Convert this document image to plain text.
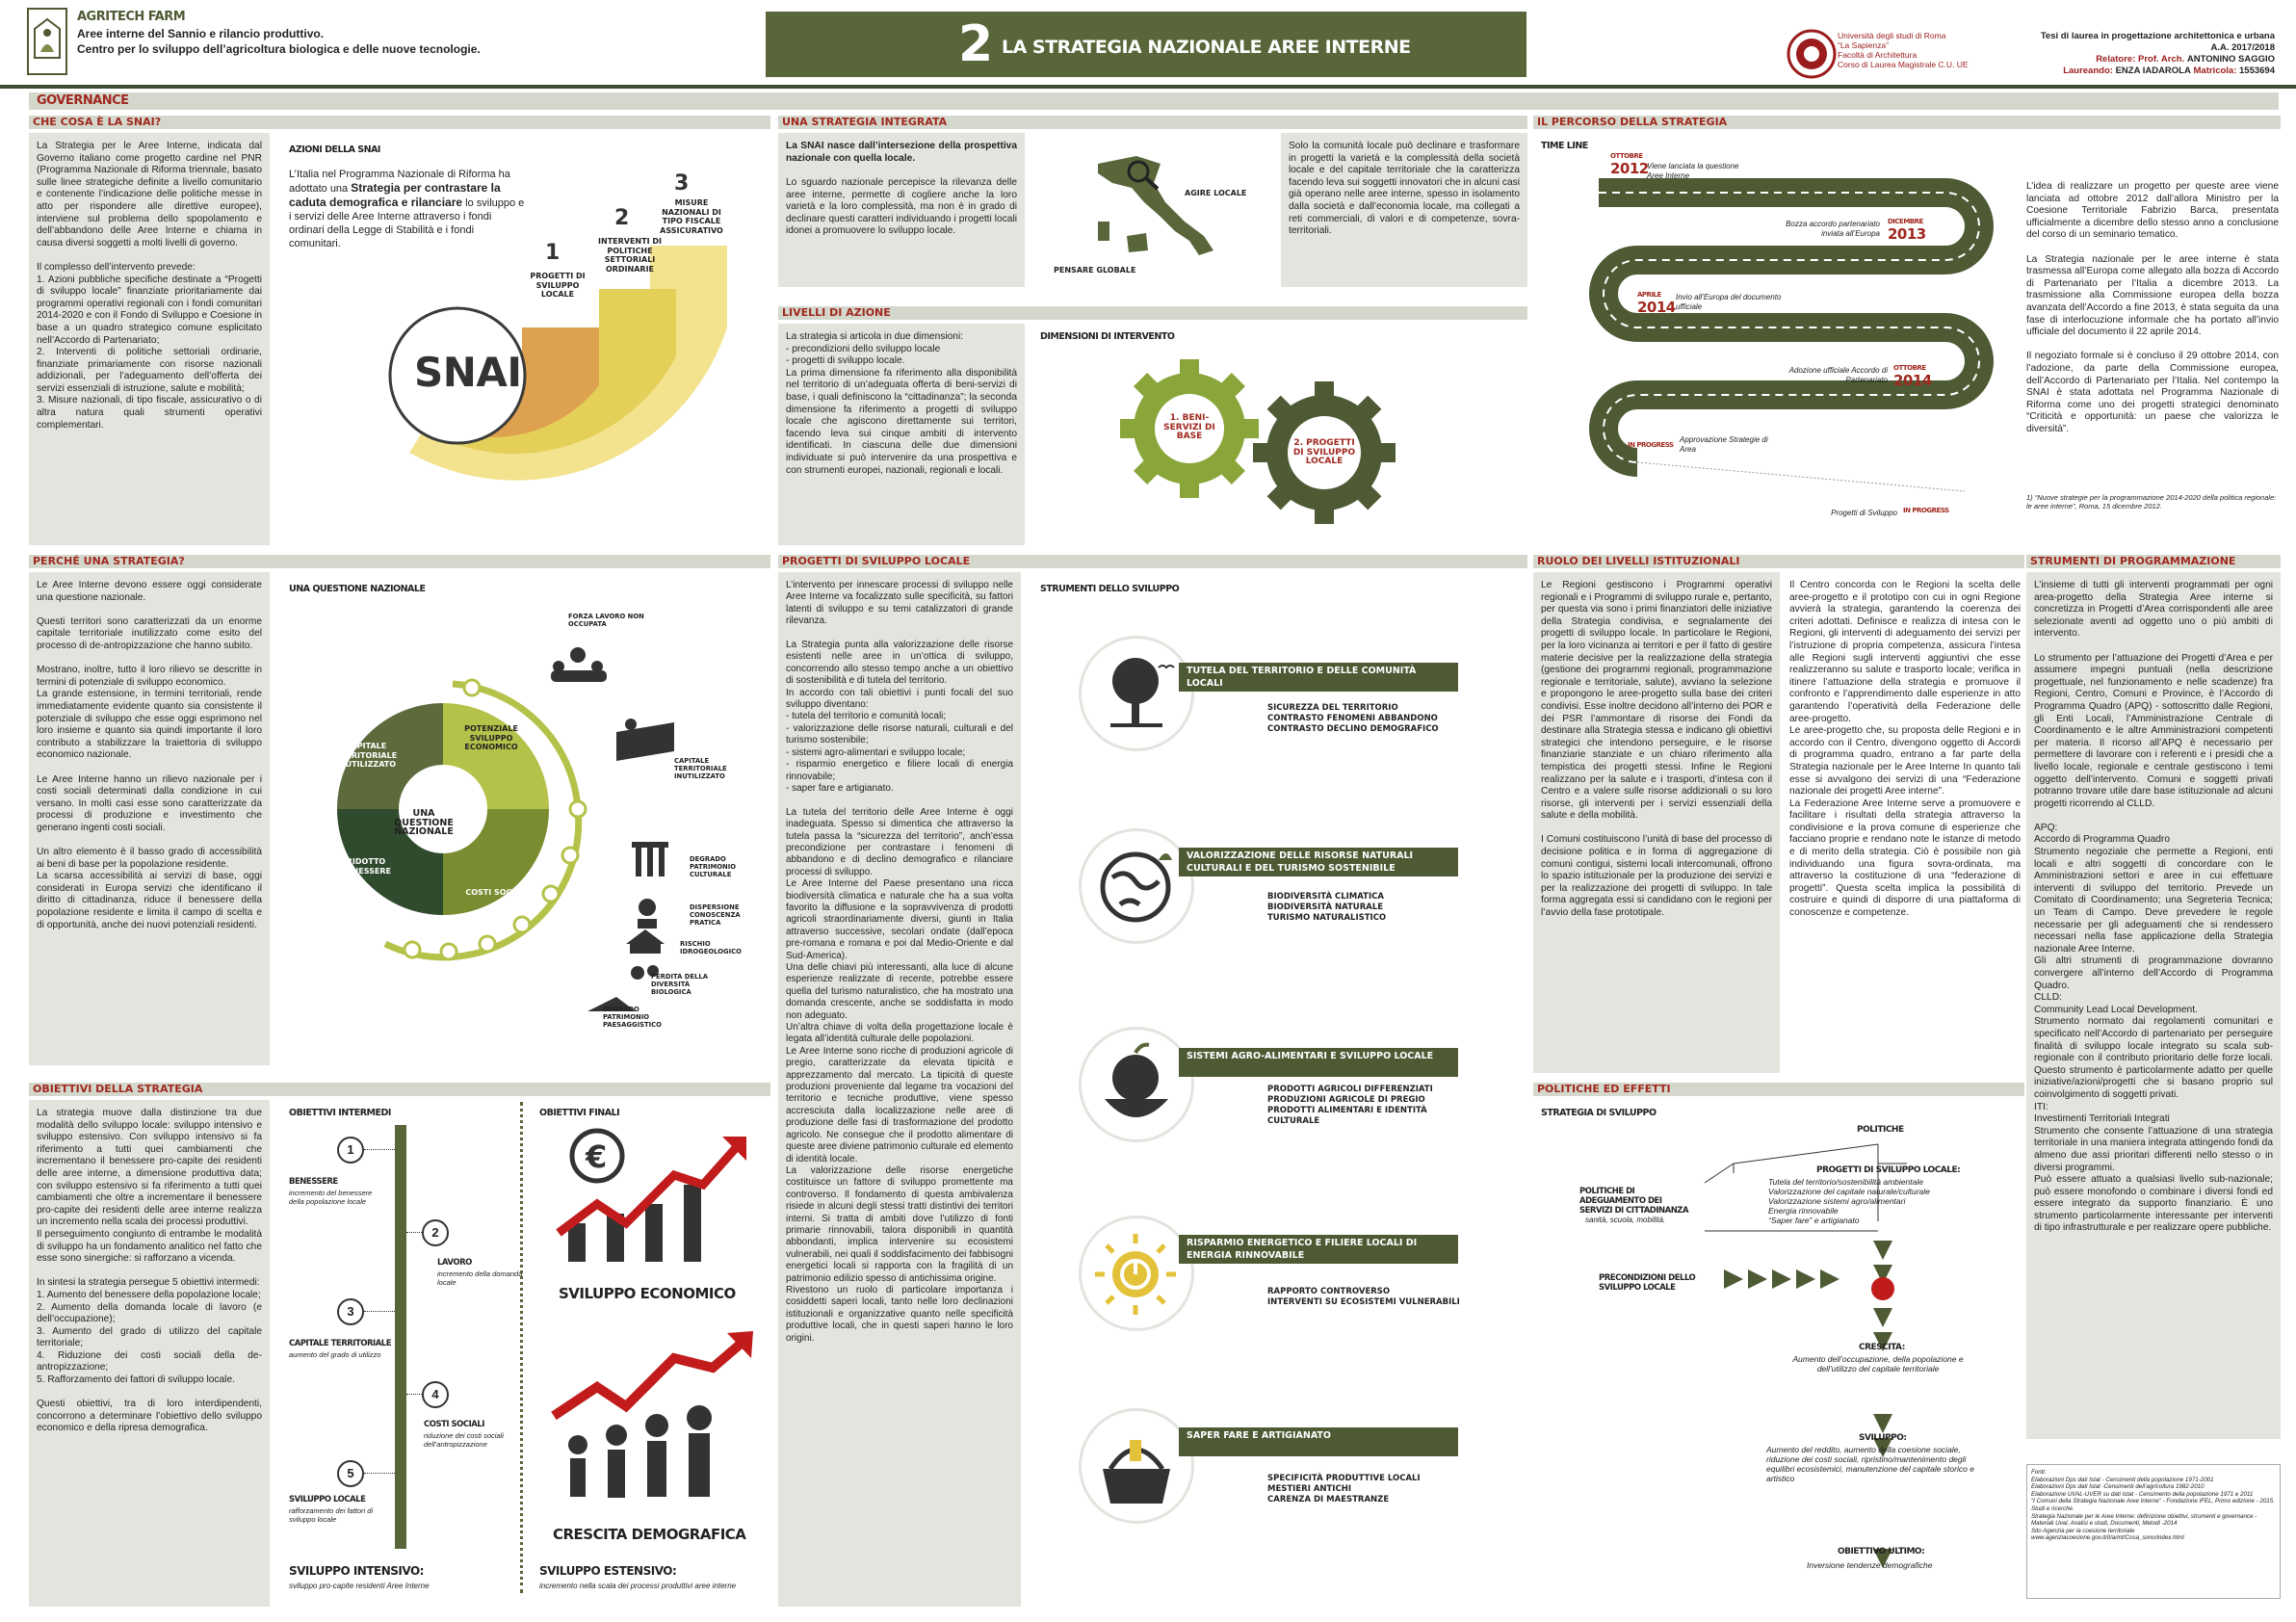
AGRITECH FARM
Aree interne del Sannio e rilancio produttivo.
Centro per lo sviluppo dell’agricoltura biologica e delle nuove tecnologie.	2 LA STRATEGIA NAZIONALE AREE INTERNE
Università degli studi di Roma
“La Sapienza”
Facoltà di Architettura
Corso di Laurea Magistrale C.U. UE
Tesi di laurea in progettazione architettonica e urbana
A.A. 2017/2018
Relatore: Prof. Arch. ANTONINO SAGGIO
Laureando: ENZA IADAROLA Matricola: 1553694
GOVERNANCE
CHE COSA È LA SNAI?	UNA STRATEGIA INTEGRATA	IL PERCORSO DELLA STRATEGIA
La Strategia per le Aree Interne, indicata dal Governo italiano come progetto cardine nel PNR (Programma Nazionale di Riforma triennale, basato sulle linee strategiche definite a livello comunitario e contenente l’indicazione delle politiche messe in atto per rispondere alle direttive europee), interviene sul problema dello spopolamento e dell’abbandono delle Aree Interne e chiama in causa diversi soggetti a molti livelli di governo.

Il complesso dell’intervento prevede:
1. Azioni pubbliche specifiche destinate a “Progetti di sviluppo locale” finanziate prioritariamente dai programmi operativi regionali con i fondi comunitari 2014-2020 e con il Fondo di Sviluppo e Coesione in base a un quadro strategico comune esplicitato nell’Accordo di Partenariato;
2. Interventi di politiche settoriali ordinarie, finanziate primariamente con risorse nazionali addizionali, per l’adeguamento dell’offerta dei servizi essenziali di istruzione, salute e mobilità;
3. Misure nazionali, di tipo fiscale, assicurativo o di altra natura quali strumenti operativi complementari.
AZIONI DELLA SNAI
L’Italia nel Programma Nazionale di Riforma ha adottato una Strategia per contrastare la caduta demografica e rilanciare lo sviluppo e i servizi delle Aree Interne attraverso i fondi ordinari della Legge di Stabilità e i fondi comunitari.
SNAI
1
2
3
PROGETTI DI SVILUPPO LOCALE
INTERVENTI DI POLITICHE SETTORIALI ORDINARIE
MISURE NAZIONALI DI TIPO FISCALE ASSICURATIVO
La SNAI nasce dall’intersezione della prospettiva nazionale con quella locale.
Lo sguardo nazionale percepisce la rilevanza delle aree interne, permette di cogliere anche la loro varietà e la loro complessità, ma non è in grado di declinare questi caratteri individuando i progetti locali idonei a promuovere lo sviluppo locale.
AGIRE LOCALE
PENSARE GLOBALE
Solo la comunità locale può declinare e trasformare in progetti la varietà e la complessità della società locale e del capitale territoriale che la caratterizza facendo leva sui soggetti innovatori che in alcuni casi già operano nelle aree interne, spesso in isolamento dalla società e dall’economia locale, ma collegati a reti commerciali, di valori e di competenze, sovra-territoriali.
LIVELLI DI AZIONE
La strategia si articola in due dimensioni:
- precondizioni dello sviluppo locale
- progetti di sviluppo locale.
La prima dimensione fa riferimento alla disponibilità nel territorio di un’adeguata offerta di beni-servizi di base, i quali definiscono la “cittadinanza”; la seconda dimensione fa riferimento a progetti di sviluppo locale che agiscono direttamente sui territori, facendo leva sui cinque ambiti di intervento identificati. In ciascuna delle due dimensioni individuate si può intervenire da una prospettiva e con strumenti europei, nazionali, regionali e locali.
DIMENSIONI DI INTERVENTO
1. BENI-SERVIZI DI BASE
2. PROGETTI DI SVILUPPO LOCALE
TIME LINE
OTTOBRE
2012
Viene lanciata la questione Aree Interne
DICEMBRE
2013
Bozza accordo partenariato inviata all’Europa
APRILE
2014
Invio all’Europa del documento ufficiale
OTTOBRE
2014
Adozione ufficiale Accordo di Partenariato
IN PROGRESS
Approvazione Strategie di Area
IN PROGRESS
Progetti di Sviluppo
L’idea di realizzare un progetto per queste aree viene lanciata ad ottobre 2012 dall’allora Ministro per la Coesione Territoriale Fabrizio Barca, presentata ufficialmente a dicembre dello stesso anno a conclusione del corso di un seminario tematico.

La Strategia nazionale per le aree interne è stata trasmessa all’Europa come allegato alla bozza di Accordo di Partenariato per l’Italia a dicembre 2013. La trasmissione alla Commissione europea della bozza avanzata dell’Accordo a fine 2013, è stata seguita da una fase di interlocuzione informale che ha portato all’invio ufficiale del documento il 22 aprile 2014.

Il negoziato formale si è concluso il 29 ottobre 2014, con l’adozione, da parte della Commissione europea, dell’Accordo di Partenariato per l’Italia. Nel contempo la SNAI è stata adottata nel Programma Nazionale di Riforma come uno dei progetti strategici denominato “Criticità e opportunità: un paese che valorizza le diversità”.
1) “Nuove strategie per la programmazione 2014-2020 della politica regionale: le aree interne”, Roma, 15 dicembre 2012.
PERCHÉ UNA STRATEGIA?	PROGETTI DI SVILUPPO LOCALE	RUOLO DEI LIVELLI ISTITUZIONALI	STRUMENTI DI PROGRAMMAZIONE
Le Aree Interne devono essere oggi considerate una questione nazionale.

Questi territori sono caratterizzati da un enorme capitale territoriale inutilizzato come esito del processo di de-antropizzazione che hanno subito.

Mostrano, inoltre, tutto il loro rilievo se descritte in termini di potenziale di sviluppo economico.
La grande estensione, in termini territoriali, rende immediatamente evidente quanto sia consistente il potenziale di sviluppo che esse oggi esprimono nel loro insieme e quanto sia quindi importante il loro contributo a stabilizzare la traiettoria di sviluppo economico nazionale.

Le Aree Interne hanno un rilievo nazionale per i costi sociali determinati dalla condizione in cui versano. In molti casi esse sono caratterizzate da processi di produzione e investimento che generano ingenti costi sociali.

Un altro elemento è il basso grado di accessibilità ai beni di base per la popolazione residente.
La scarsa accessibilità ai servizi di base, oggi considerati in Europa servizi che identificano il diritto di cittadinanza, riduce il benessere della popolazione residente e limita il campo di scelta e di opportunità, anche dei nuovi potenziali residenti.
UNA QUESTIONE NAZIONALE
CAPITALE TERRITORIALE INUTILIZZATO
POTENZIALE SVILUPPO ECONOMICO
UNA QUESTIONE NAZIONALE
RIDOTTO BENESSERE
COSTI SOCIALI
FORZA LAVORO NON OCCUPATA
CAPITALE TERRITORIALE INUTILIZZATO
DEGRADO PATRIMONIO CULTURALE
DISPERSIONE CONOSCENZA PRATICA
RISCHIO IDROGEOLOGICO
PERDITA DELLA DIVERSITÀ BIOLOGICA
DEGRADO PATRIMONIO PAESAGGISTICO
L’intervento per innescare processi di sviluppo nelle Aree Interne va focalizzato sulle specificità, su fattori latenti di sviluppo e su temi catalizzatori di grande rilevanza.

La Strategia punta alla valorizzazione delle risorse esistenti nelle aree in un’ottica di sviluppo, concorrendo allo stesso tempo anche a un obiettivo di sostenibilità e di tutela del territorio.
In accordo con tali obiettivi i punti focali del suo sviluppo diventano:
- tutela del territorio e comunità locali;
- valorizzazione delle risorse naturali, culturali e del turismo sostenibile;
- sistemi agro-alimentari e sviluppo locale;
- risparmio energetico e filiere locali di energia rinnovabile;
- saper fare e artigianato.

La tutela del territorio delle Aree Interne è oggi inadeguata. Spesso si dimentica che attraverso la tutela passa la “sicurezza del territorio”, anch’essa precondizione per contrastare i fenomeni di abbandono e di declino demografico e rilanciare processi di sviluppo.
Le Aree Interne del Paese presentano una ricca biodiversità climatica e naturale che ha a sua volta favorito la diffusione e la sopravvivenza di prodotti agricoli straordinariamente diversi, giunti in Italia attraverso successive, secolari ondate (dall’epoca pre-romana e romana e poi dal Medio-Oriente e dal Sud-America).
Una delle chiavi più interessanti, alla luce di alcune esperienze realizzate di recente, potrebbe essere quella del turismo naturalistico, che ha mostrato una domanda crescente, anche se soddisfatta in modo non adeguato.
Un’altra chiave di volta della progettazione locale è legata all’identità culturale delle popolazioni.
Le Aree Interne sono ricche di produzioni agricole di pregio, caratterizzate da elevata tipicità e apprezzamento dal mercato. La tipicità di queste produzioni proveniente dal legame tra vocazioni del territorio e tecniche produttive, viene spesso accresciuta dalla localizzazione nelle aree di produzione delle fasi di trasformazione del prodotto agricolo. Ne consegue che il prodotto alimentare di queste aree diviene patrimonio culturale ed elemento di identità locale.
La valorizzazione delle risorse energetiche costituisce un fattore di sviluppo promettente ma controverso. Il fondamento di questa ambivalenza risiede in alcuni degli stessi tratti distintivi dei territori interni. Si tratta di ambiti dove l’utilizzo di fonti primarie rinnovabili, talora disponibili in quantità abbondanti, implica intervenire su ecosistemi vulnerabili, nei quali il soddisfacimento dei fabbisogni energetici locali si rapporta con la fragilità di un patrimonio edilizio spesso di antichissima origine.
Rivestono un ruolo di particolare importanza i cosiddetti saperi locali, tanto nelle loro declinazioni istituzionali e organizzative quanto nelle specificità produttive locali, che in questi saperi hanno le loro origini.
STRUMENTI DELLO SVILUPPO
TUTELA DEL TERRITORIO E DELLE COMUNITÀ LOCALI
SICUREZZA DEL TERRITORIO
CONTRASTO FENOMENI ABBANDONO
CONTRASTO DECLINO DEMOGRAFICO
VALORIZZAZIONE DELLE RISORSE NATURALI CULTURALI E DEL TURISMO SOSTENIBILE
BIODIVERSITÀ CLIMATICA
BIODIVERSITÀ NATURALE
TURISMO NATURALISTICO
SISTEMI AGRO-ALIMENTARI E SVILUPPO LOCALE
PRODOTTI AGRICOLI DIFFERENZIATI
PRODUZIONI AGRICOLE DI PREGIO
PRODOTTI ALIMENTARI E IDENTITÀ CULTURALE
RISPARMIO ENERGETICO E FILIERE LOCALI DI ENERGIA RINNOVABILE
RAPPORTO CONTROVERSO
INTERVENTI SU ECOSISTEMI VULNERABILI
SAPER FARE E ARTIGIANATO
SPECIFICITÀ PRODUTTIVE LOCALI
MESTIERI ANTICHI
CARENZA DI MAESTRANZE
Le Regioni gestiscono i Programmi operativi regionali e i Programmi di sviluppo rurale e, pertanto, per questa via sono i primi finanziatori delle iniziative della Strategia condivisa, e segnalamente dei progetti di sviluppo locale. In particolare le Regioni, per la loro vicinanza ai territori e per il fatto di gestire materie decisive per la realizzazione della strategia (gestione dei programmi regionali, programmazione regionale e territoriale, salute), avviano la selezione e propongono le aree-progetto sulla base dei criteri condivisi. Esse inoltre decidono all’interno dei POR e dei PSR l’ammontare di risorse dei Fondi da destinare alla Strategia stessa e indicano gli obiettivi strategici che intendono perseguire, e le risorse finanziarie stanziate e un chiaro riferimento alla tempistica dei progetti stessi. Infine le Regioni realizzano per la salute e i trasporti, d’intesa con il Centro e a valere sulle risorse addizionali o su loro risorse, gli interventi per i servizi essenziali della salute e della mobilità.

I Comuni costituiscono l’unità di base del processo di decisione politica e in forma di aggregazione di comuni contigui, sistemi locali intercomunali, offrono lo spazio istituzionale per la produzione dei servizi e per la realizzazione dei progetti di sviluppo. In tale forma aggregata essi si candidano con le regioni per l’avvio della fase prototipale.
Il Centro concorda con le Regioni la scelta delle aree-progetto e il prototipo con cui in ogni Regione avvierà la strategia, garantendo la coerenza dei criteri adottati. Definisce e realizza di intesa con le Regioni, gli interventi di adeguamento dei servizi per l’istruzione di propria competenza, assicura l’intesa alle Regioni sugli interventi aggiuntivi che esse realizzeranno su salute e trasporto locale; verifica in itinere l’attuazione della strategia e promuove il confronto e l’apprendimento dalle esperienze in atto garantendo l’operatività della Federazione delle aree-progetto.
Le aree-progetto che, su proposta delle Regioni e in accordo con il Centro, divengono oggetto di Accordi di programma quadro, entrano a far parte della Strategia nazionale per le Aree Interne In quanto tali esse si avvalgono dei servizi di una “Federazione nazionale dei progetti Aree interne”.
La Federazione Aree Interne serve a promuovere e facilitare i risultati della strategia attraverso la condivisione e la prova comune di esperienze che facciano proprie e rendano note le istanze di metodo e di merito della strategia. Ciò è possibile non già individuando una figura sovra-ordinata, ma attraverso la costituzione di una “federazione di progetti”. Questa scelta implica la possibilità di costruire e quindi di disporre di una piattaforma di conoscenze e competenze.
L’insieme di tutti gli interventi programmati per ogni area-progetto della Strategia Aree interne si concretizza in Progetti d’Area corrispondenti alle aree selezionate aventi ad oggetto uno o più ambiti di intervento.

Lo strumento per l’attuazione dei Progetti d’Area e per assumere impegni puntuali (nella descrizione progettuale, nel funzionamento e nelle scadenze) fra Regioni, Centro, Comuni e Province, è l’Accordo di Programma Quadro (APQ) - sottoscritto dalle Regioni, gli Enti Locali, l’Amministrazione Centrale di Coordinamento e le altre Amministrazioni competenti per materia. Il ricorso all’APQ è necessario per permettere di lavorare con i referenti e i presidi che a livello locale, regionale e centrale gestiscono i temi oggetto dell’intervento. Comuni e soggetti privati potranno trovare utile dare base istituzionale ad alcuni progetti ricorrendo al CLLD.

APQ:
Accordo di Programma Quadro
Strumento negoziale che permette a Regioni, enti locali e altri soggetti di concordare con le Amministrazioni settori e aree in cui effettuare interventi di sviluppo del territorio. Prevede un Comitato di Coordinamento; una Segreteria Tecnica; un Team di Campo. Deve prevedere le regole necessarie per gli adeguamenti che si rendessero necessari nella fase applicazione della Strategia nazionale Aree Interne.
Gli altri strumenti di programmazione dovranno convergere all’interno dell’Accordo di Programma Quadro.
CLLD:
Community Lead Local Development.
Strumento normato dai regolamenti comunitari e specificato nell’Accordo di partenariato per perseguire finalità di sviluppo locale integrato su scala sub-regionale con il contributo prioritario delle forze locali. Questo strumento è particolarmente adatto per quelle iniziative/azioni/progetti che si basano proprio sul coinvolgimento di soggetti privati.
ITI:
Investimenti Territoriali Integrati
Strumento che consente l’attuazione di una strategia territoriale in una maniera integrata attingendo fondi da almeno due assi prioritari differenti nello stesso o in diversi programmi.
Può essere attuato a qualsiasi livello sub-nazionale; può essere monofondo o combinare i diversi fondi ed essere integrato da supporto finanziario. È uno strumento particolarmente interessante per interventi di tipo infrastrutturale e per realizzare opere pubbliche.
Fonti:
Elaborazioni Dps dati Istat - Censimenti della popolazione 1971-2001
Elaborazioni Dps dati Istat -Censimenti dell’agricoltura 1982-2010
Elaborazione UVAL-UVER su dati Istat - Censimento della popolazione 1971 e 2011
“I Comuni della Strategia Nazionale Aree Interne” - Fondazione IFEL, Primo edizione - 2015. Studi e ricerche.
Strategia Nazionale per le Aree Interne: definizione obiettivi, strumenti e governance - Materiali Uval, Analisi e studi, Documenti, Metodi -2014
Sito Agenzia per la coesione territoriale www.agenziacoesione.gov.it/it/arint/Cosa_sono/index.html
OBIETTIVI DELLA STRATEGIA
La strategia muove dalla distinzione tra due modalità dello sviluppo locale: sviluppo intensivo e sviluppo estensivo. Con sviluppo intensivo si fa riferimento a tutti quei cambiamenti che incrementano il benessere pro-capite dei residenti delle aree interne, a dimensione produttiva data; con sviluppo estensivo si fa riferimento a tutti quei cambiamenti che oltre a incrementare il benessere pro-capite dei residenti delle aree interne realizza un incremento nella scala dei processi produttivi.
Il perseguimento congiunto di entrambe le modalità di sviluppo ha un fondamento analitico nel fatto che esse sono sinergiche: si rafforzano a vicenda.

In sintesi la strategia persegue 5 obiettivi intermedi:
1. Aumento del benessere della popolazione locale;
2. Aumento della domanda locale di lavoro (e dell’occupazione);
3. Aumento del grado di utilizzo del capitale territoriale;
4. Riduzione dei costi sociali della de-antropizzazione;
5. Rafforzamento dei fattori di sviluppo locale.

Questi obiettivi, tra di loro interdipendenti, concorrono a determinare l’obiettivo dello sviluppo economico e della ripresa demografica.
OBIETTIVI INTERMEDI
1
BENESSERE
incremento del benessere della popolazione locale
2
LAVORO
incremento della domanda locale
3
CAPITALE TERRITORIALE
aumento del grado di utilizzo
4
COSTI SOCIALI
riduzione dei costi sociali dell’antropizzazione
5
SVILUPPO LOCALE
rafforzamento dei fattori di sviluppo locale
SVILUPPO INTENSIVO:
sviluppo pro-capite residenti Aree Interne
OBIETTIVI FINALI
€
SVILUPPO ECONOMICO
CRESCITA DEMOGRAFICA
SVILUPPO ESTENSIVO:
incremento nella scala dei processi produttivi aree interne
POLITICHE ED EFFETTI
STRATEGIA DI SVILUPPO
POLITICHE
PROGETTI DI SVILUPPO LOCALE:
Tutela del territorio/sostenibilità ambientale
Valorizzazione del capitale naturale/culturale
Valorizzazione sistemi agro/alimentari
Energia rinnovabile
“Saper fare” e artigianato
POLITICHE DI ADEGUAMENTO DEI SERVIZI DI CITTADINANZA
sanità, scuola, mobilità.
PRECONDIZIONI DELLO SVILUPPO LOCALE
CRESCITA:
Aumento dell’occupazione, della popolazione e dell’utilizzo del capitale territoriale
SVILUPPO:
Aumento del reddito, aumento della coesione sociale, riduzione dei costi sociali, ripristino/mantenimento degli equilibri ecosistemici, manutenzione del capitale storico e artistico
OBIETTIVO ULTIMO:
Inversione tendenze demografiche
